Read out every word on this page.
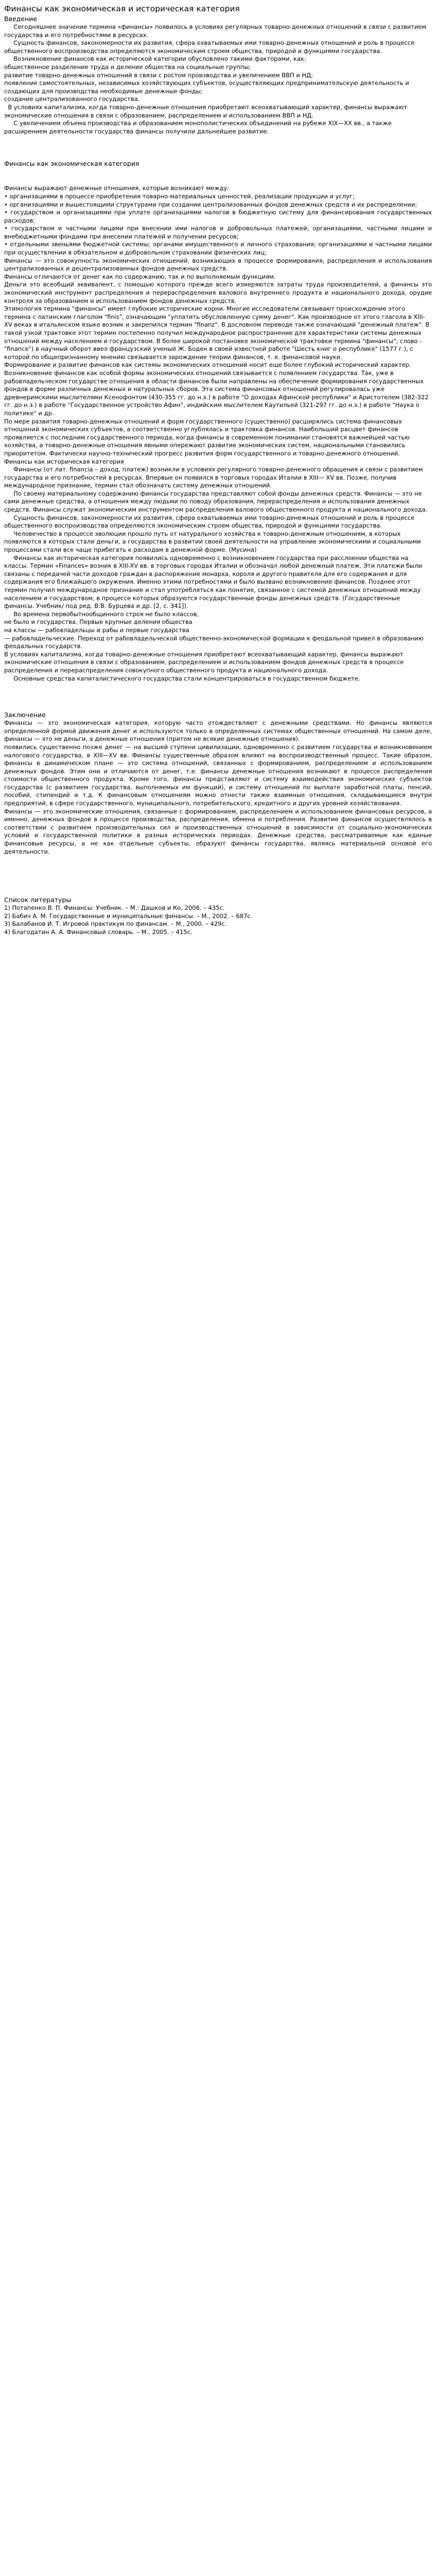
Финансы как экономическая и историческая категория
Введение

Сегодняшнее значение термина «финансы» появилось в условиях регулярных товарно-денежных отношений в связи с развитием государства и его потребностями в ресурсах.

Сущность финансов, закономерности их развития, сфера охватываемых ими товарно-денежных отношений и роль в процессе общественного воспроизводства определяются экономическим строем общества, природой и функциями государства.

Возникновение финансов как исторической категории обусловлено такими факторами, как:

общественное разделение труда и деление общества на социальные группы;

развитие товарно-денежных отношений в связи с ростом производства и увеличением ВВП и НД;

появление самостоятельных, независимых хозяйствующих субъектов, осуществляющих предпринимательскую деятельность и создающих для производства необходимые денежные фонды;

создание централизованного государства.

В условиях капитализма, когда товарно-денежные отношения приобретают всеохватывающий характер, финансы выражают экономические отношения в связи с образованием, распределением и использованием ВВП и НД.

С увеличением объема производства и образованием монополистических объединений на рубеже XIX—XX вв., а также расширением деятельности государства финансы получили дальнейшее развитие.

Финансы как экономическая категория

Финансы выражают денежные отношения, которые возникают между:

• организациями в процессе приобретения товарно-материальных ценностей, реализации продукции и услуг;

• организациями и вышестоящими структурами при создании централизованных фондов денежных средств и их распределении;

• государством и организациями при уплате организациями налогов в бюджетную систему для финансирования государственных расходов;

• государством и частными лицами при внесении ими налогов и добровольных платежей; организациями, частными лицами и внебюджетными фондами при внесении платежей и получении ресурсов;

• отдельными звеньями бюджетной системы; органами имущественного и личного страхования; организациями и частными лицами при осуществлении в обязательном и добровольном страховании физических лиц;

Финансы — это совокупность экономических отношений, возникающих в процессе формирования, распределения и использования централизованных и децентрализованных фондов денежных средств.

Финансы отличаются от денег как по содержанию, так и по выполняемым функциям.

Деньги это всеобщий эквивалент, с помощью которого прежде всего измеряются затраты труда производителей, а финансы это экономический инструмент распределения и перераспределения валового внутреннего продукта и национального дохода, орудие контроля за образованием и использованием фондов денежных средств.

Этимология термина "финансы" имеет глубокие исторические корни. Многие исследователи связывают происхождение этого термина с латинским глаголом "finis", означающим "уплатить обусловленную сумму денег". Как производное от этого глагола в XIII-XV веках в итальянском языке возник и закрепился термин "finanz". В дословном переводе также означающий "денежный платеж". В такой узкой трактовке этот термин постепенно получил международное распространение для характеристики системы денежных отношений между населением и государством. В более широкой постановке экономической трактовки термина "финансы"; слово - "finance") в научный оборот ввел французский ученый Ж. Боден в своей известной работе "Шесть книг о республике" (1577 г.), с которой по общепризнанному мнению связывается зарождение теории финансов, т. е. финансовой науки.

Формирование и развитие финансов как системы экономических отношений носит еще более глубокий исторический характер. Возникновение финансов как особой формы экономических отношений связывается с появлением государства. Так, уже в рабовладельческом государстве отношения в области финансов были направлены на обеспечение формирования государственных фондов в форме различных денежных и натуральных сборов. Эта система финансовых отношений регулировалась уже древнеримскими мыслителями Ксенофонтом (430-355 гг. до н.э.) в работе "О доходах Афинской республики" и Аристотелем (382-322 гг. до н.э.) в работе "Государственное устройство Афин", индийским мыслителем Каутильей (321-297 гг. до н.э.) в работе "Наука о политике" и др.

По мере развития товарно-денежных отношений и форм государственного (существенно) расширялись система финансовых отношений экономических субъектов, а соответственно углублялась и трактовка финансов. Наибольший расцвет финансов проявляется с последним государственного периода, когда финансы в современном понимании становятся важнейшей частью хозяйства, а товарно-денежные отношения явными опережают развитие экономических систем, национальными становились приоритетом. Фактически научно-технический прогресс развития форм государственного и товарно-денежного отношений.

Финансы как историческая категория

Финансы (от лат. financia – доход, платеж) возникли в условиях регулярного товарно-денежного обращения и связи с развитием государства и его потребностей в ресурсах. Впервые он появился в торговых городах Италии в XIII— XV вв. Позже, получив международное признание, термин стал обозначать систему денежных отношений.

По своему материальному содержанию финансы государства представляют собой фонды денежных средств. Финансы — это не сами денежные средства, а отношения между людьми по поводу образования, перераспределения и использования денежных средств. Финансы служат экономическим инструментом распределения валового общественного продукта и национального дохода.

Сущность финансов, закономерности их развития, сфера охватываемых ими товарно-денежных отношений и роль в процессе общественного воспроизводства определяются экономическим строем общества, природой и функциями государства.

Человечество в процессе эволюции прошло путь от натурального хозяйства к товарно-денежным отношениям, в которых появляются в которых стали деньги, а государства в развитии своей деятельности на управление экономическими и социальными процессами стали все чаще прибегать к расходам в денежной форме. (Мусина)

Финансы как историческая категория появились одновременно с возникновением государства при расслоении общества на классы. Термин «Finanсes» возник в XIII-XV вв. в торговых городах Италии и обозначал любой денежный платеж. Эти платежи были связаны с передачей части доходов граждан в распоряжение монарха, короля и другого правителя для его содержания и для содержания его ближайшего окружения. Именно этими потребностями и было вызвано возникновение финансов. Позднее этот термин получил международное признание и стал употребляться как понятие, связанное с системой денежных отношений между населением и государством, в процессе которых образуются государственные фонды денежных средств. (Государственные финансы. Учебник/ под ред. В.В. Бурцева и др. [2, с. 341]).

Во времена первобытнообщинного строя не было классов,

не было и государства. Первые крупные деления общества

на классы — рабовладельцы и рабы и первые государства

— рабовладельческие. Переход от рабовладельческой общественно-экономической формации к феодальной привел в образованию феодальных государств.

В условиях капитализма, когда товарно-денежные отношения приобретают всеохватывающий характер, финансы выражают экономические отношения в связи с образованием, распределением и использованием фондов денежных средств в процессе распределения и перераспределения совокупного общественного продукта и национального дохода.

Основные средства капиталистического государства стали концентрироваться в государственном бюджете.

Заключение

Финансы — это экономическая категория, которую часто отождествляют с денежными средствами. Но финансы являются определенной формой движения денег и используются только в определенных системах общественных отношений. На самом деле, финансы — это не деньги, а денежные отношения (притом не всякие денежные отношения).

появились существенно позже денег — на высшей ступени цивилизации, одновременно с развитием государства и возникновением налогового государства, в XIII—XV вв. Финансы существенные образом влияют на воспроизводственный процесс. Такие образом, финансы в динамическом плане — это система отношений, связанных с формированием, распределением и использованием денежных фондов. Этим они и отличаются от денег, т.е. финансы денежные отношения возникают в процессе распределения стоимости общественного продукта. Кроме того, финансы представляют и систему взаимодействия экономических субъектов государства (с развитием государства, выполняемых им функций), и систему отношений по выплате заработной платы, пенсий, пособий, стипендий и т.д. К финансовым отношениям можно отнести также взаимные отношения, складывающиеся внутри предприятий, в сфере государственного, муниципального, потребительского, кредитного и других уровней хозяйствования.

Финансы — это экономические отношения, связанные с формированием, распределением и использованием финансовых ресурсов, а именно, денежных фондов в процессе производства, распределения, обмена и потребления. Развитие финансов осуществлялось в соответствии с развитием производительных сил и производственных отношений в зависимости от социально-экономических условий и государственной политики в разных исторических периодах. Денежные средства, рассматриваемые как единые финансовые ресурсы, а не как отдельные субъекты, образуют финансы государства, являясь материальной основой его деятельности.

Список литературы
1) Потапенко В. П. Финансы: Учебник. – М.: Дашков и Ко, 2006. – 435с.
2) Бабич А. М. Государственные и муниципальные финансы. – М., 2002. – 687с.
3) Балабанов И. Т. Игровой практикум по финансам. – М., 2000. – 429с.
4) Благодатин А. А. Финансовый словарь. – М., 2005. – 415с.
